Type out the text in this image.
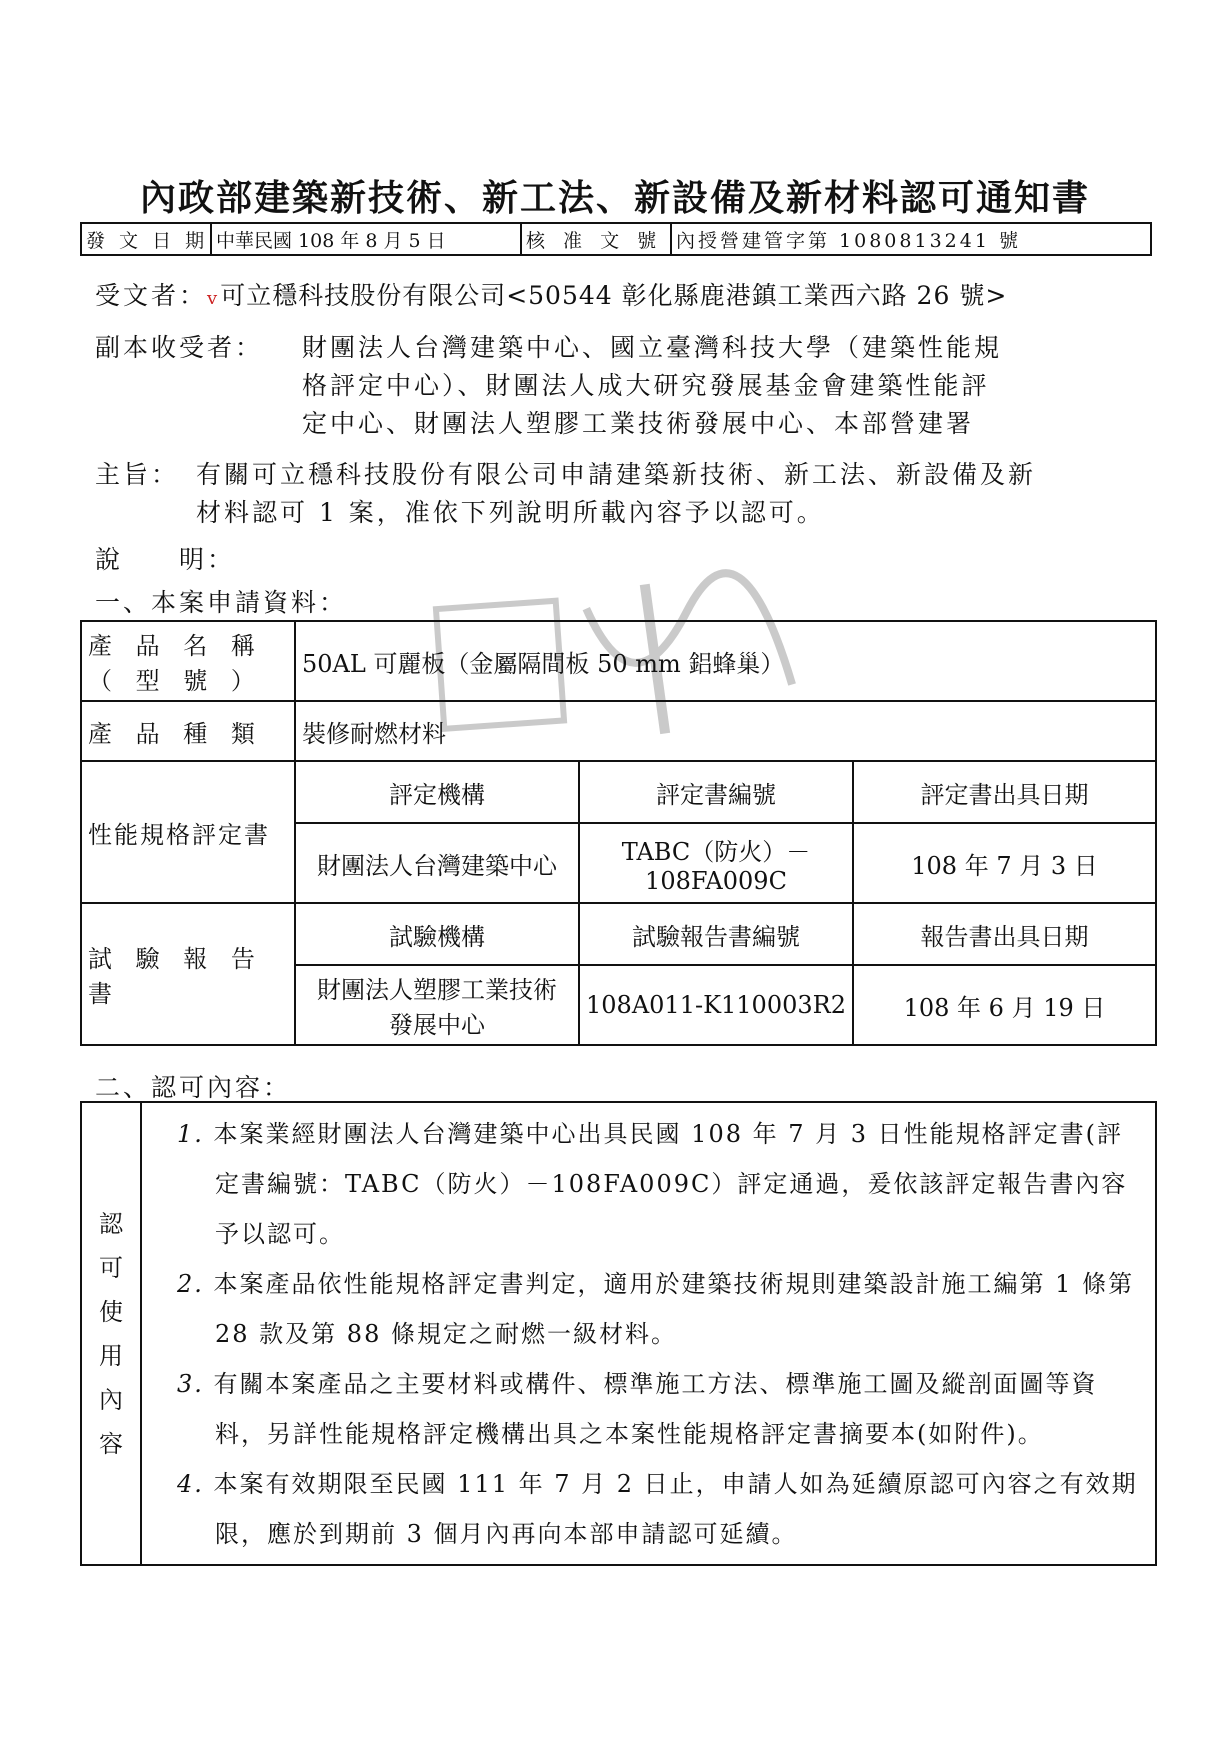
內政部建築新技術、新工法、新設備及新材料認可通知書
發 文 日 期 中華民國 108 年 8 月 5 日	核 准 文 號 內授營建管字第 1080813241 號
受文者：v可立穩科技股份有限公司<50544 彰化縣鹿港鎮工業西六路 26 號>
副本收受者： 財團法人台灣建築中心、國立臺灣科技大學（建築性能規
格評定中心）、財團法人成大研究發展基金會建築性能評
定中心、財團法人塑膠工業技術發展中心、本部營建署
主旨： 有關可立穩科技股份有限公司申請建築新技術、新工法、新設備及新
材料認可 1 案，准依下列說明所載內容予以認可。
說　　明：
一、本案申請資料：
產 品 名 稱
（ 型 號 ）	50AL 可麗板（金屬隔間板 50 mm 鋁蜂巢）		
產 品 種 類	裝修耐燃材料		
性能規格評定書	評定機構	評定書編號	評定書出具日期
	財團法人台灣建築中心	TABC（防火）－
108FA009C	108 年 7 月 3 日
試 驗 報 告 書	試驗機構	試驗報告書編號	報告書出具日期
	財團法人塑膠工業技術
發展中心	108A011-K110003R2	108 年 6 月 19 日
二、認可內容：
認
可
使
用
內
容

1. 本案業經財團法人台灣建築中心出具民國 108 年 7 月 3 日性能規格評定書(評定書編號：TABC（防火）－108FA009C）評定通過，爰依該評定報告書內容予以認可。
2. 本案產品依性能規格評定書判定，適用於建築技術規則建築設計施工編第 1 條第 28 款及第 88 條規定之耐燃一級材料。
3. 有關本案產品之主要材料或構件、標準施工方法、標準施工圖及縱剖面圖等資料，另詳性能規格評定機構出具之本案性能規格評定書摘要本(如附件)。
4. 本案有效期限至民國 111 年 7 月 2 日止，申請人如為延續原認可內容之有效期限，應於到期前 3 個月內再向本部申請認可延續。
